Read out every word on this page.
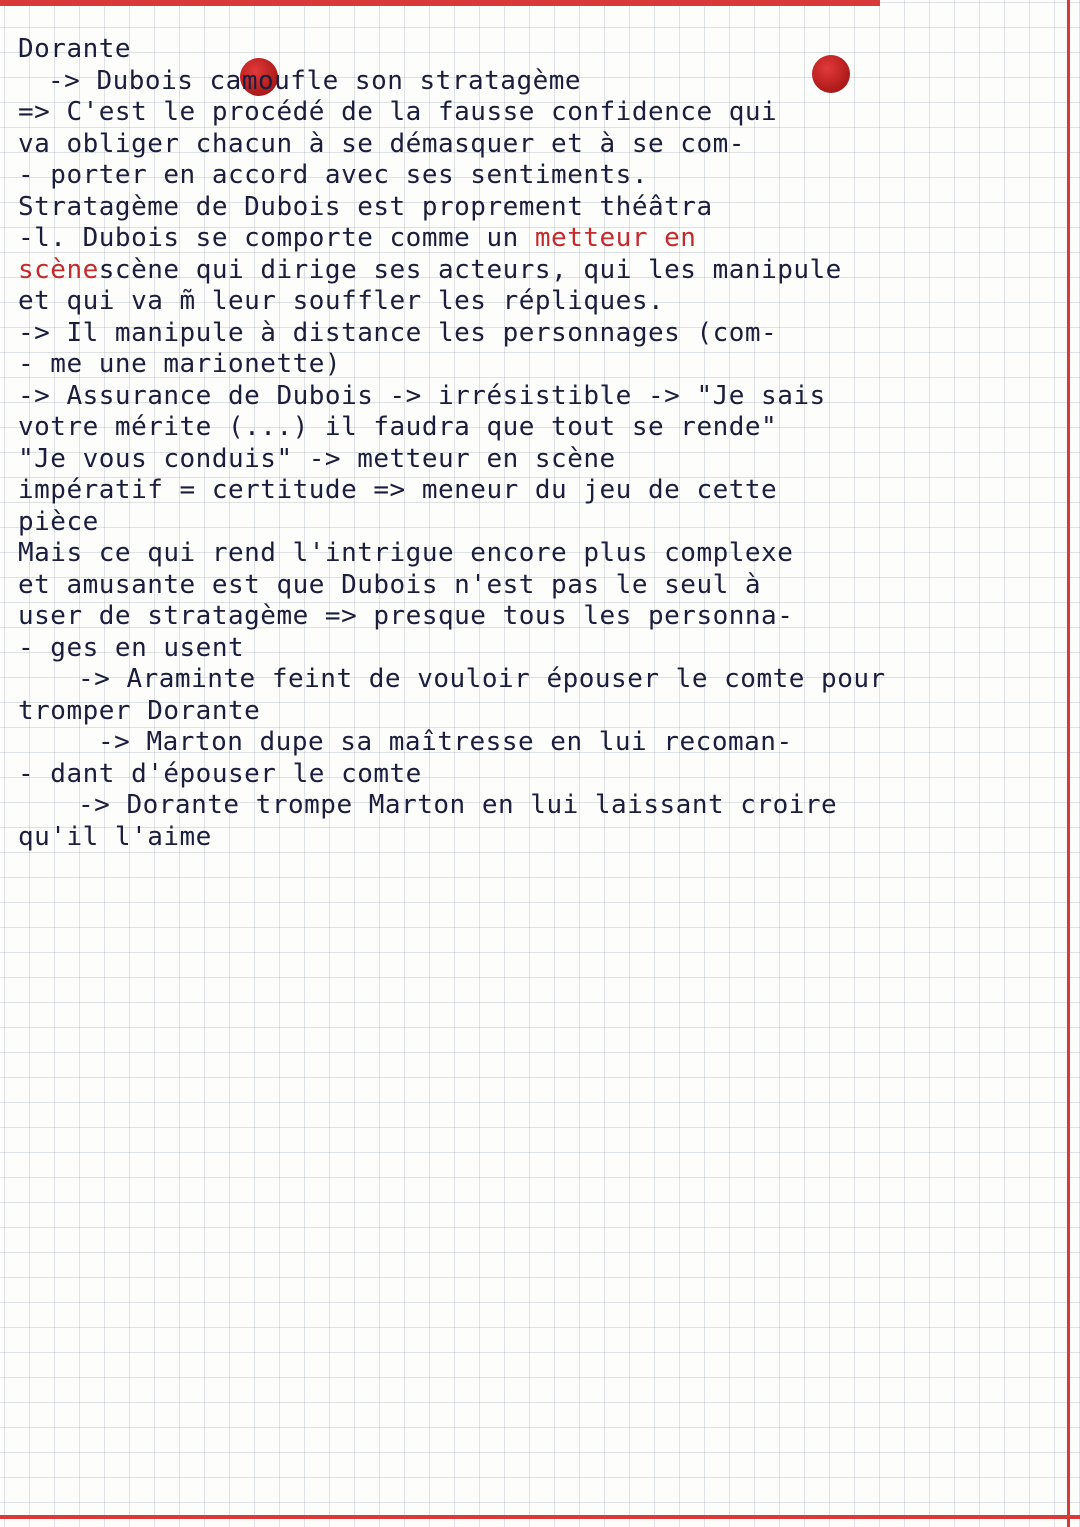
Dorante
-> Dubois camoufle son stratagème
=> C'est le procédé de la fausse confidence qui
va obliger chacun à se démasquer et à se com-
- porter en accord avec ses sentiments.
Stratagème de Dubois est proprement théâtra
-l. Dubois se comporte comme un metteur en
scènescène qui dirige ses acteurs, qui les manipule
et qui va m̃ leur souffler les répliques.
-> Il manipule à distance les personnages (com-
- me une marionette)
-> Assurance de Dubois -> irrésistible -> "Je sais
votre mérite (...) il faudra que tout se rende"
"Je vous conduis" -> metteur en scène
impératif = certitude => meneur du jeu de cette
pièce
Mais ce qui rend l'intrigue encore plus complexe
et amusante est que Dubois n'est pas le seul à
user de stratagème => presque tous les personna-
- ges en usent
-> Araminte feint de vouloir épouser le comte pour
tromper Dorante
-> Marton dupe sa maîtresse en lui recoman-
- dant d'épouser le comte
-> Dorante trompe Marton en lui laissant croire
qu'il l'aime
